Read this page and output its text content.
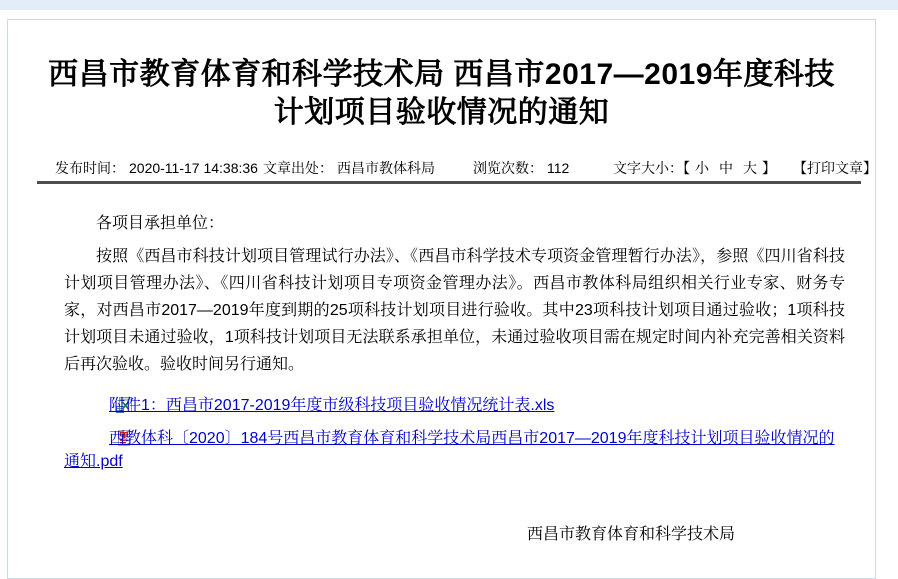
西昌市教育体育和科学技术局 西昌市2017—2019年度科技计划项目验收情况的通知
发布时间： 2020-11-17 14:38:36 文章出处： 西昌市教体科局	浏览次数： 112	文字大小：【 小 中 大 】 【打印文章】

各项目承担单位：

按照《西昌市科技计划项目管理试行办法》、《西昌市科学技术专项资金管理暂行办法》，参照《四川省科技计划项目管理办法》、《四川省科技计划项目专项资金管理办法》。西昌市教体科局组织相关行业专家、财务专家，对西昌市2017—2019年度到期的25项科技计划项目进行验收。其中23项科技计划项目通过验收；1项科技计划项目未通过验收，1项科技计划项目无法联系承担单位，未通过验收项目需在规定时间内补充完善相关资料后再次验收。验收时间另行通知。

附件1：西昌市2017-2019年度市级科技项目验收情况统计表.xls

西教体科〔2020〕184号西昌市教育体育和科学技术局西昌市2017—2019年度科技计划项目验收情况的通知.pdf

西昌市教育体育和科学技术局
